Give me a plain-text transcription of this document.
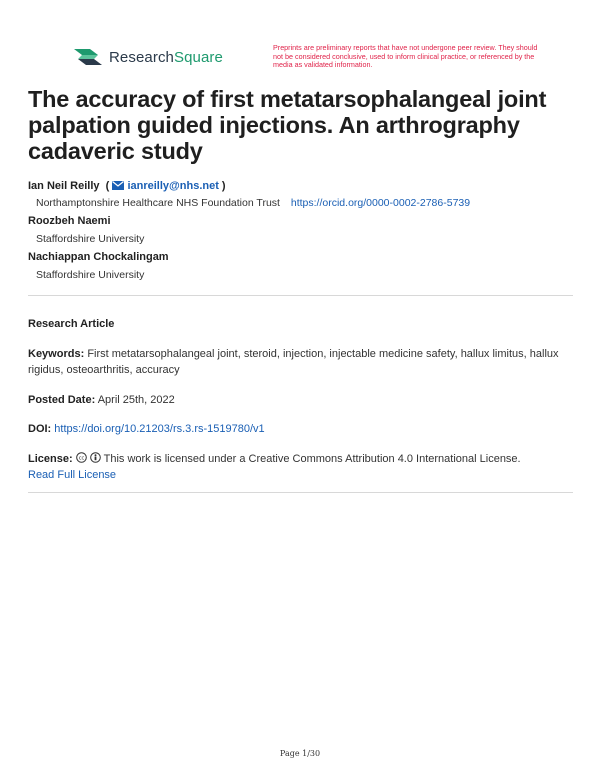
ResearchSquare
Preprints are preliminary reports that have not undergone peer review. They should not be considered conclusive, used to inform clinical practice, or referenced by the media as validated information.
The accuracy of first metatarsophalangeal joint palpation guided injections. An arthrography cadaveric study
Ian Neil Reilly  ( ianreilly@nhs.net )
Northamptonshire Healthcare NHS Foundation Trust https://orcid.org/0000-0002-2786-5739
Roozbeh Naemi
Staffordshire University
Nachiappan Chockalingam
Staffordshire University
Research Article
Keywords: First metatarsophalangeal joint, steroid, injection, injectable medicine safety, hallux limitus, hallux rigidus, osteoarthritis, accuracy
Posted Date: April 25th, 2022
DOI: https://doi.org/10.21203/rs.3.rs-1519780/v1
License: cc This work is licensed under a Creative Commons Attribution 4.0 International License.
Read Full License
Page 1/30
